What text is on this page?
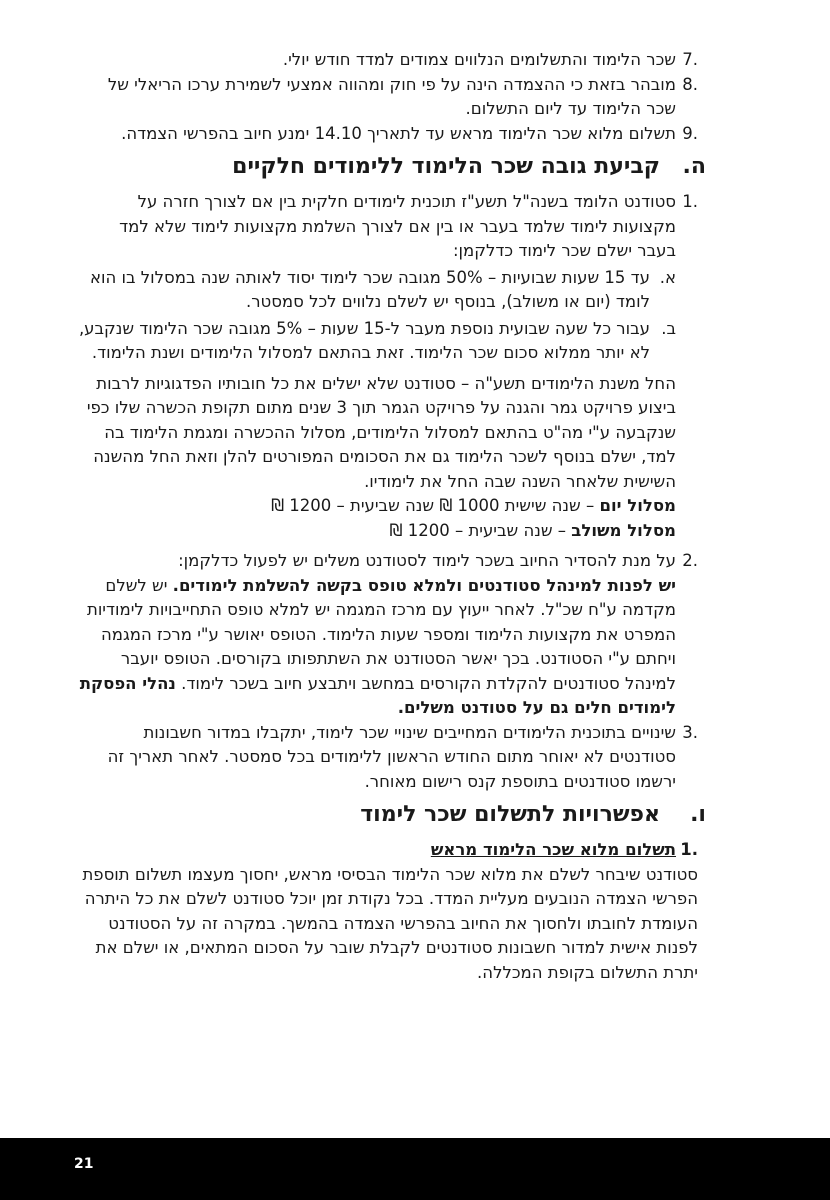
.7
שכר הלימוד והתשלומים הנלווים צמודים למדד חודש יולי.
.8
מובהר בזאת כי ההצמדה הינה על פי חוק ומהווה אמצעי לשמירת ערכו הריאלי של שכר הלימוד עד ליום התשלום.
.9
תשלום מלוא שכר הלימוד מראש עד לתאריך 14.10 ימנע חיוב בהפרשי הצמדה.
ה.
קביעת גובה שכר הלימוד ללימודים חלקיים
.1
סטודנט הלומד בשנה"ל תשע"ז תוכנית לימודים חלקית בין אם לצורך חזרה על מקצועות לימוד שלמד בעבר או בין אם לצורך השלמת מקצועות לימוד שלא למד בעבר ישלם שכר לימוד כדלקמן:
א.
עד 15 שעות שבועיות – 50% מגובה שכר לימוד יסוד לאותה שנה במסלול בו הוא לומד (יום או משולב), בנוסף יש לשלם נלווים לכל סמסטר.
ב.
עבור כל שעה שבועית נוספת מעבר ל-15 שעות – 5% מגובה שכר הלימוד שנקבע, לא יותר ממלוא סכום שכר הלימוד. זאת בהתאם למסלול הלימודים ושנת הלימוד.
החל משנת הלימודים תשע"ה – סטודנט שלא ישלים את כל חובותיו הפדגוגיות לרבות ביצוע פרויקט גמר והגנה על פרויקט הגמר תוך 3 שנים מתום תקופת הכשרה שלו כפי שנקבעה ע"י מה"ט בהתאם למסלול הלימודים, מסלול ההכשרה ומגמת הלימוד בה למד, ישלם בנוסף לשכר הלימוד גם את הסכומים המפורטים להלן וזאת החל מהשנה השישית שלאחר השנה שבה החל את לימודיו.
מסלול יום – שנה שישית 1000 ₪ שנה שביעית – 1200 ₪
מסלול משולב – שנה שביעית – 1200 ₪
.2
על מנת להסדיר החיוב בשכר לימוד לסטודנט משלים יש לפעול כדלקמן:
יש לפנות למינהל סטודנטים ולמלא טופס בקשה להשלמת לימודים. יש לשלם מקדמה ע"ח שכ"ל. לאחר ייעוץ עם מרכז המגמה יש למלא טופס התחייבויות לימודיות המפרט את מקצועות הלימוד ומספר שעות הלימוד. הטופס יאושר ע"י מרכז המגמה ויחתם ע"י הסטודנט. בכך יאשר הסטודנט את השתתפותו בקורסים. הטופס יועבר למינהל סטודנטים להקלדת הקורסים במחשב ויתבצע חיוב בשכר לימוד. נהלי הפסקת לימודים חלים גם על סטודנט משלים.
.3
שינויים בתוכנית הלימודים המחייבים שינויי שכר לימוד, יתקבלו במדור חשבונות סטודנטים לא יאוחר מתום החודש הראשון ללימודים בכל סמסטר. לאחר תאריך זה ירשמו סטודנטים בתוספת קנס רישום מאוחר.
ו.
אפשרויות לתשלום שכר לימוד
.1
תשלום מלוא שכר הלימוד מראש
סטודנט שיבחר לשלם את מלוא שכר הלימוד הבסיסי מראש, יחסוך מעצמו תשלום תוספת הפרשי הצמדה הנובעים מעליית המדד. בכל נקודת זמן יוכל סטודנט לשלם את כל היתרה העומדת לחובתו ולחסוך את החיוב בהפרשי הצמדה בהמשך. במקרה זה על הסטודנט לפנות אישית למדור חשבונות סטודנטים לקבלת שובר על הסכום המתאים, או ישלם את יתרת התשלום בקופת המכללה.
21
